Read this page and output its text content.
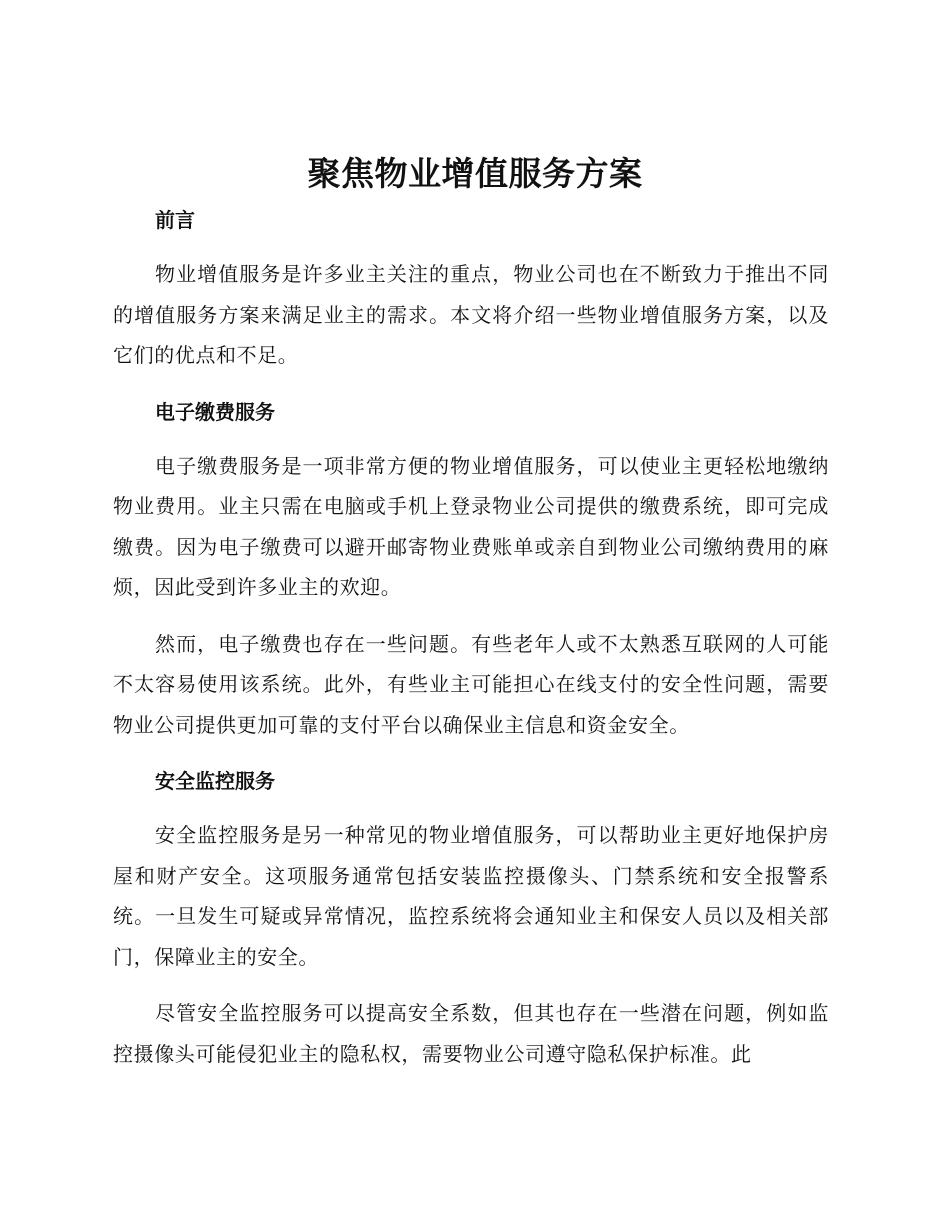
聚焦物业增值服务方案
前言

物业增值服务是许多业主关注的重点，物业公司也在不断致力于推出不同的增值服务方案来满足业主的需求。本文将介绍一些物业增值服务方案，以及它们的优点和不足。

电子缴费服务

电子缴费服务是一项非常方便的物业增值服务，可以使业主更轻松地缴纳物业费用。业主只需在电脑或手机上登录物业公司提供的缴费系统，即可完成缴费。因为电子缴费可以避开邮寄物业费账单或亲自到物业公司缴纳费用的麻烦，因此受到许多业主的欢迎。

然而，电子缴费也存在一些问题。有些老年人或不太熟悉互联网的人可能不太容易使用该系统。此外，有些业主可能担心在线支付的安全性问题，需要物业公司提供更加可靠的支付平台以确保业主信息和资金安全。

安全监控服务

安全监控服务是另一种常见的物业增值服务，可以帮助业主更好地保护房屋和财产安全。这项服务通常包括安装监控摄像头、门禁系统和安全报警系统。一旦发生可疑或异常情况，监控系统将会通知业主和保安人员以及相关部门，保障业主的安全。

尽管安全监控服务可以提高安全系数，但其也存在一些潜在问题，例如监控摄像头可能侵犯业主的隐私权，需要物业公司遵守隐私保护标准。此
